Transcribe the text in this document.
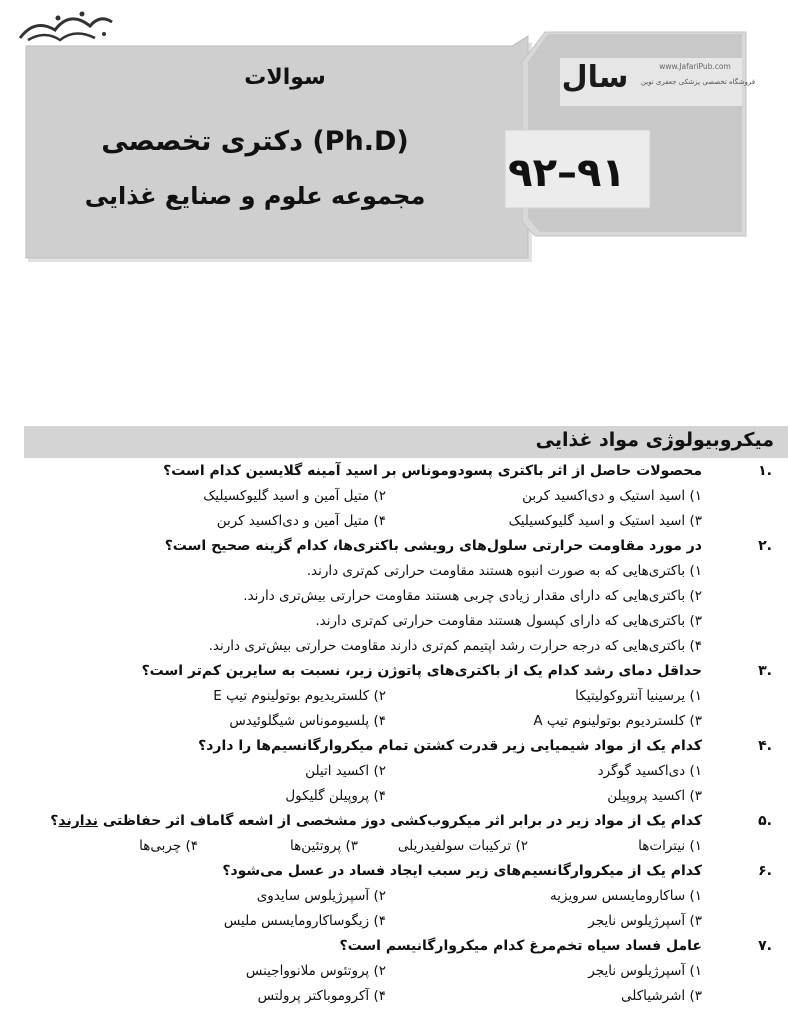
سال
۹۲–۹۱
سوالات
دکتری تخصصی (Ph.D)
مجموعه علوم و صنایع غذایی
www.JafariPub.com
فروشگاه تخصصی پزشکی جعفری نوین
میکروبیولوژی مواد غذایی
.۱
محصولات حاصل از اثر باکتری پسودوموناس بر اسید آمینه گلایسین کدام است؟
۱) اسید استیک و دی‌اکسید کربن
۲) متیل آمین و اسید گلیوکسیلیک
۳) اسید استیک و اسید گلیوکسیلیک
۴) متیل آمین و دی‌اکسید کربن
.۲
در مورد مقاومت حرارتی سلول‌های رویشی باکتری‌ها، کدام گزینه صحیح است؟
۱) باکتری‌هایی که به صورت انبوه هستند مقاومت حرارتی کم‌تری دارند.
۲) باکتری‌هایی که دارای مقدار زیادی چربی هستند مقاومت حرارتی بیش‌تری دارند.
۳) باکتری‌هایی که دارای کپسول هستند مقاومت حرارتی کم‌تری دارند.
۴) باکتری‌هایی که درجه حرارت رشد اپتیمم کم‌تری دارند مقاومت حرارتی بیش‌تری دارند.
.۳
حداقل دمای رشد کدام یک از باکتری‌های پاتوژن زیر، نسبت به سایرین کم‌تر است؟
۱) یرسینیا آنتروکولیتیکا
۲) کلستریدیوم بوتولینوم تیپ E
۳) کلستردیوم بوتولینوم تیپ A
۴) پلسیوموناس شیگلوئیدس
.۴
کدام یک از مواد شیمیایی زیر قدرت کشتن تمام میکروارگانسیم‌ها را دارد؟
۱) دی‌اکسید گوگرد
۲) اکسید اتیلن
۳) اکسید پروپیلن
۴) پروپیلن گلیکول
.۵
کدام یک از مواد زیر در برابر اثر میکروب‌کشی دوز مشخصی از اشعه گاماف اثر حفاظتی ندارند؟
۱) نیترات‌ها
۲) ترکیبات سولفیدریلی
۳) پروتئین‌ها
۴) چربی‌ها
.۶
کدام یک از میکروارگانسیم‌های زیر سبب ایجاد فساد در عسل می‌شود؟
۱) ساکارومایسس سرویزیه
۲) آسپرژیلوس سایدوی
۳) آسپرژیلوس نایجر
۴) زیگوساکارومایسس ملیس
.۷
عامل فساد سیاه تخم‌مرغ کدام میکروارگانیسم است؟
۱) آسپرژیلوس نایجر
۲) پروتئوس ملانوواجینس
۳) اشرشیاکلی
۴) آکروموباکتر پرولتس
